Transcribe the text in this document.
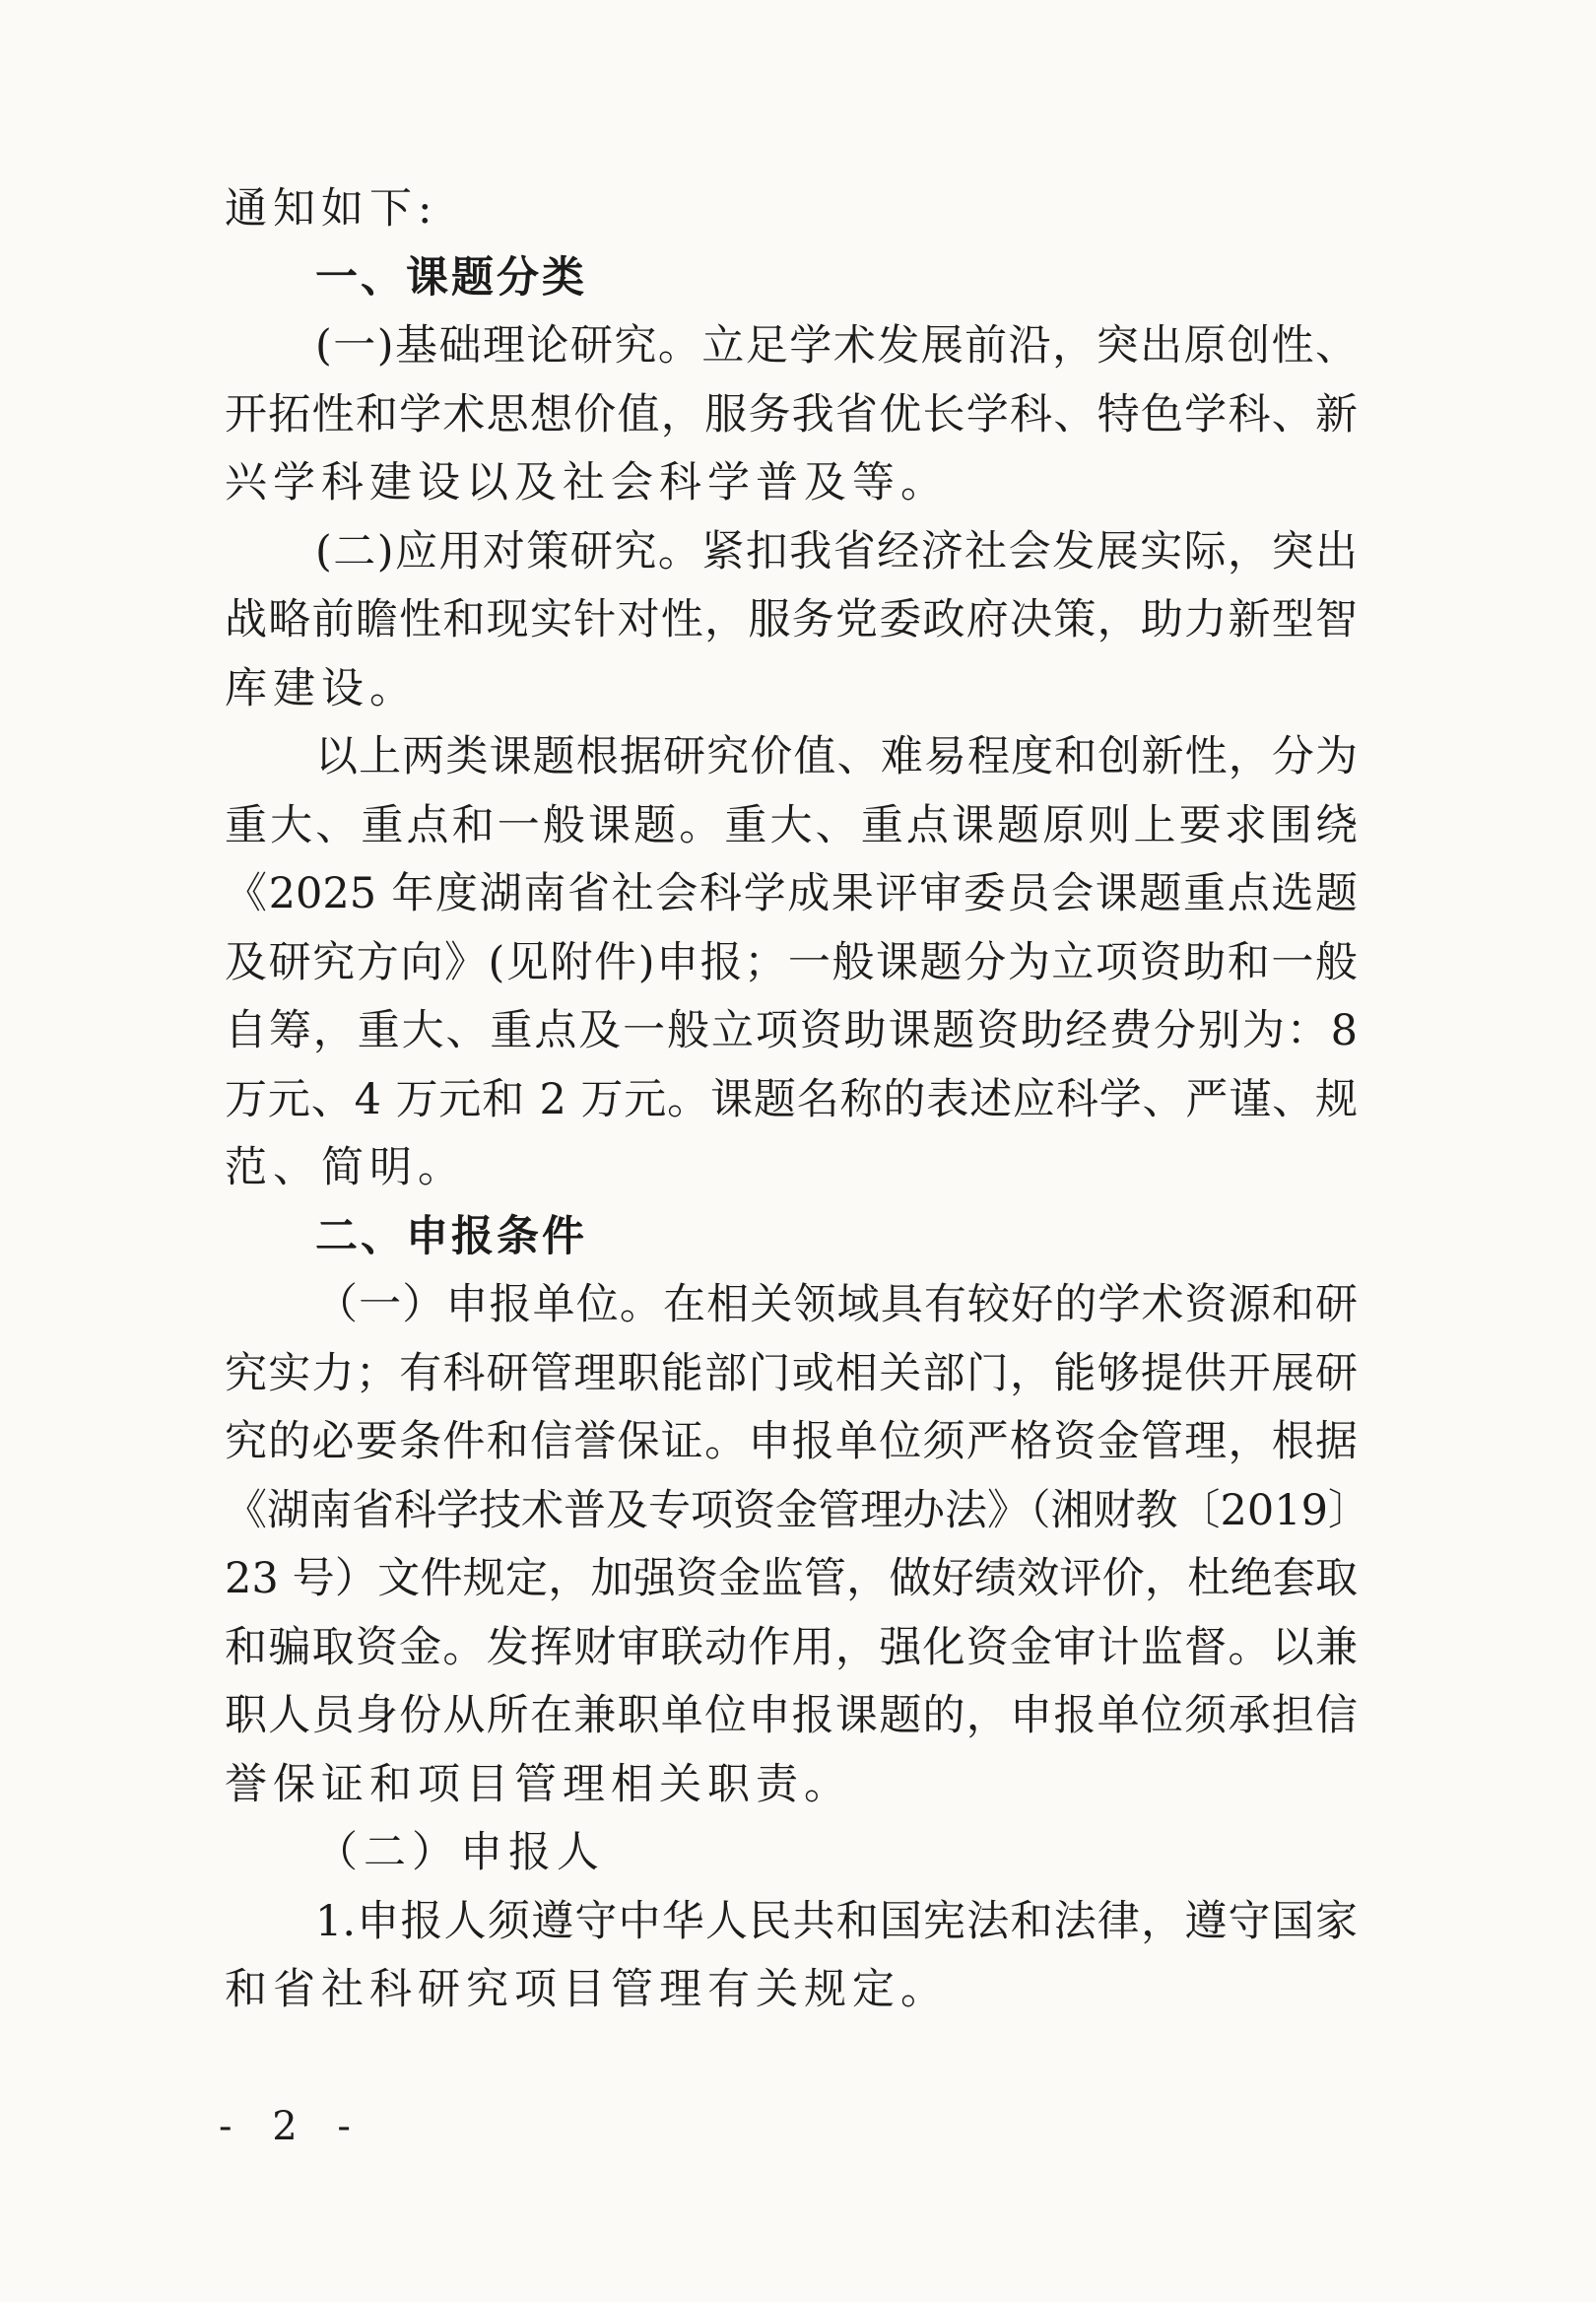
通知如下:
一、课题分类
(一)基础理论研究。立足学术发展前沿，突出原创性、
开拓性和学术思想价值，服务我省优长学科、特色学科、新
兴学科建设以及社会科学普及等。
(二)应用对策研究。紧扣我省经济社会发展实际，突出
战略前瞻性和现实针对性，服务党委政府决策，助力新型智
库建设。
以上两类课题根据研究价值、难易程度和创新性，分为
重大、重点和一般课题。重大、重点课题原则上要求围绕
《2025 年度湖南省社会科学成果评审委员会课题重点选题
及研究方向》(见附件)申报；一般课题分为立项资助和一般
自筹，重大、重点及一般立项资助课题资助经费分别为：8
万元、4 万元和 2 万元。课题名称的表述应科学、严谨、规
范、简明。
二、申报条件
（一）申报单位。在相关领域具有较好的学术资源和研
究实力；有科研管理职能部门或相关部门，能够提供开展研
究的必要条件和信誉保证。申报单位须严格资金管理，根据
《湖南省科学技术普及专项资金管理办法》（湘财教〔2019〕
23 号）文件规定，加强资金监管，做好绩效评价，杜绝套取
和骗取资金。发挥财审联动作用，强化资金审计监督。以兼
职人员身份从所在兼职单位申报课题的，申报单位须承担信
誉保证和项目管理相关职责。
（二）申报人
1.申报人须遵守中华人民共和国宪法和法律，遵守国家
和省社科研究项目管理有关规定。
- 2 -
